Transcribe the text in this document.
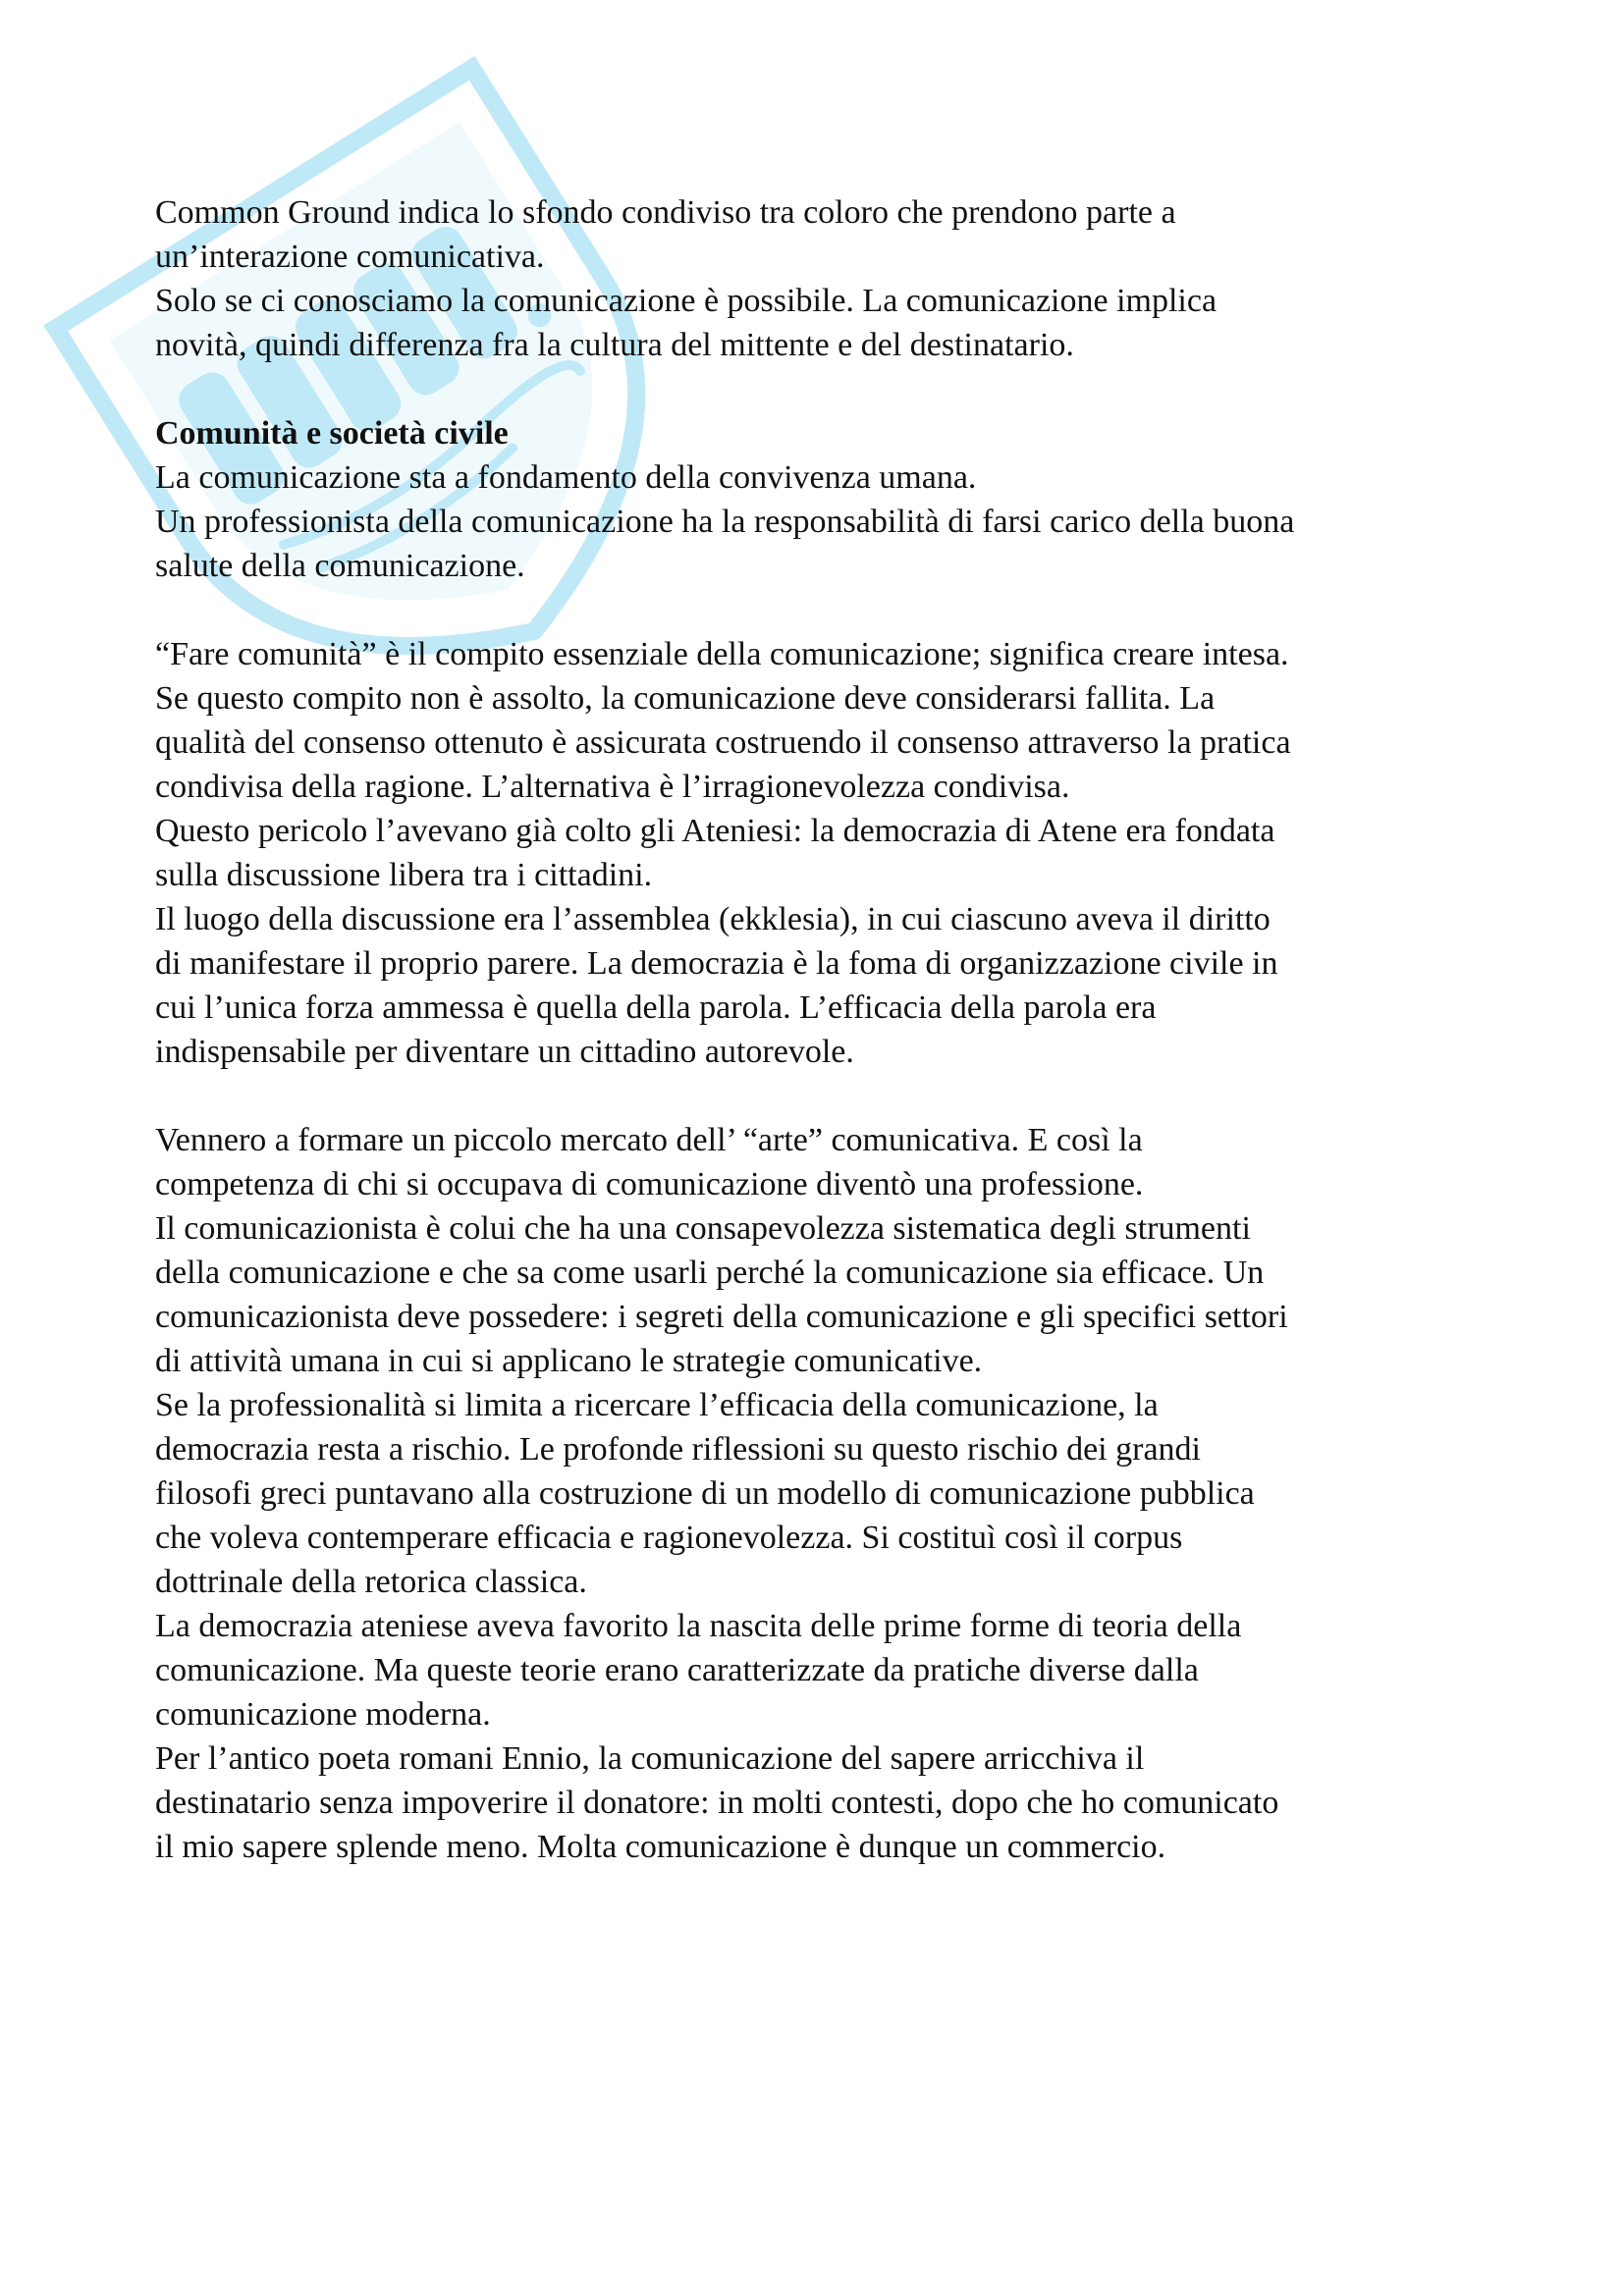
Common Ground indica lo sfondo condiviso tra coloro che prendono parte a
un’interazione comunicativa.
Solo se ci conosciamo la comunicazione è possibile. La comunicazione implica
novità, quindi differenza fra la cultura del mittente e del destinatario.
Comunità e società civile
La comunicazione sta a fondamento della convivenza umana.
Un professionista della comunicazione ha la responsabilità di farsi carico della buona
salute della comunicazione.
“Fare comunità” è il compito essenziale della comunicazione; significa creare intesa.
Se questo compito non è assolto, la comunicazione deve considerarsi fallita. La
qualità del consenso ottenuto è assicurata costruendo il consenso attraverso la pratica
condivisa della ragione. L’alternativa è l’irragionevolezza condivisa.
Questo pericolo l’avevano già colto gli Ateniesi: la democrazia di Atene era fondata
sulla discussione libera tra i cittadini.
Il luogo della discussione era l’assemblea (ekklesia), in cui ciascuno aveva il diritto
di manifestare il proprio parere. La democrazia è la foma di organizzazione civile in
cui l’unica forza ammessa è quella della parola. L’efficacia della parola era
indispensabile per diventare un cittadino autorevole.
Vennero a formare un piccolo mercato dell’ “arte” comunicativa. E così la
competenza di chi si occupava di comunicazione diventò una professione.
Il comunicazionista è colui che ha una consapevolezza sistematica degli strumenti
della comunicazione e che sa come usarli perché la comunicazione sia efficace. Un
comunicazionista deve possedere: i segreti della comunicazione e gli specifici settori
di attività umana in cui si applicano le strategie comunicative.
Se la professionalità si limita a ricercare l’efficacia della comunicazione, la
democrazia resta a rischio. Le profonde riflessioni su questo rischio dei grandi
filosofi greci puntavano alla costruzione di un modello di comunicazione pubblica
che voleva contemperare efficacia e ragionevolezza. Si costituì così il corpus
dottrinale della retorica classica.
La democrazia ateniese aveva favorito la nascita delle prime forme di teoria della
comunicazione. Ma queste teorie erano caratterizzate da pratiche diverse dalla
comunicazione moderna.
Per l’antico poeta romani Ennio, la comunicazione del sapere arricchiva il
destinatario senza impoverire il donatore: in molti contesti, dopo che ho comunicato
il mio sapere splende meno. Molta comunicazione è dunque un commercio.
